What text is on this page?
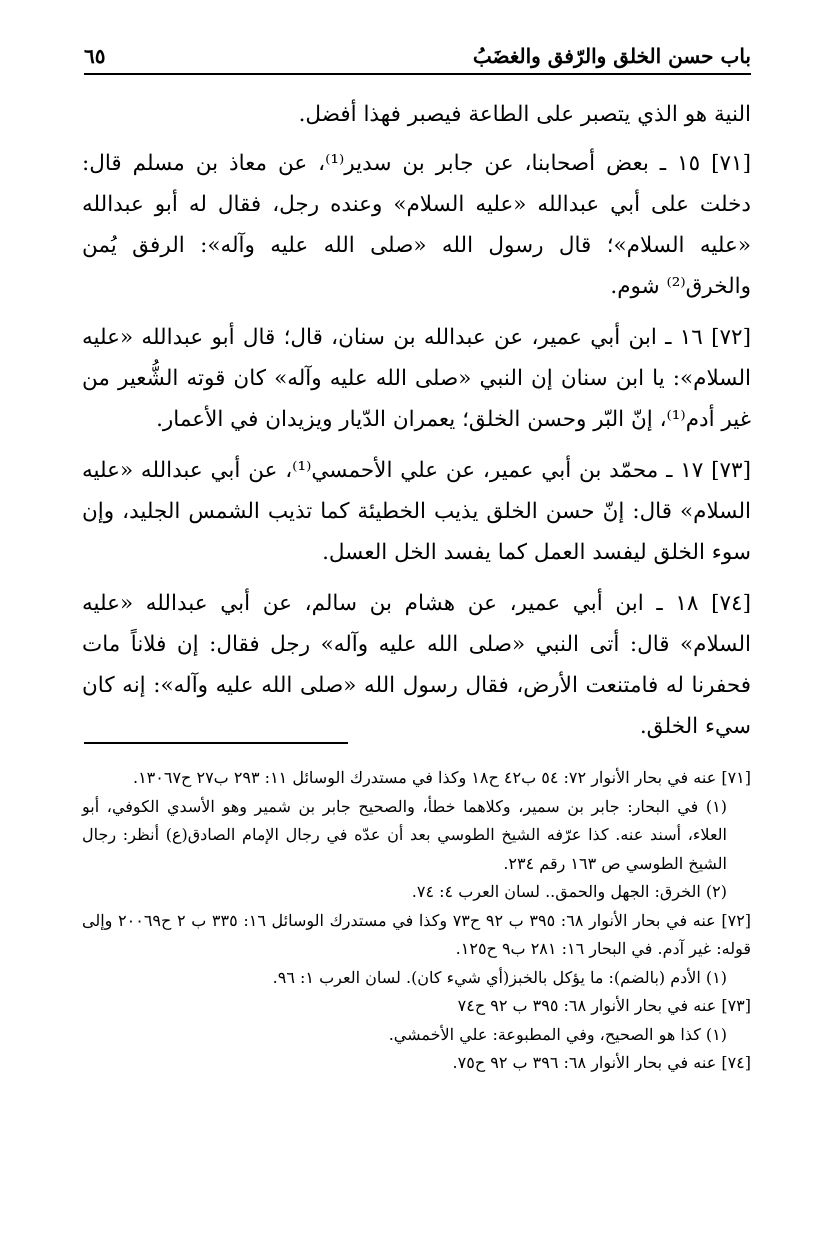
باب حسن الخلق والرّفق والغضَبُ
٦٥

النية هو الذي يتصبر على الطاعة فيصبر فهذا أفضل.

[٧١] ١٥ ـ بعض أصحابنا، عن جابر بن سدير⁽¹⁾، عن معاذ بن مسلم قال: دخلت على أبي عبدالله «عليه السلام» وعنده رجل، فقال له أبو عبدالله «عليه السلام»؛ قال رسول الله «صلى الله عليه وآله»: الرفق يُمن والخرق⁽²⁾ شوم.

[٧٢] ١٦ ـ ابن أبي عمير، عن عبدالله بن سنان، قال؛ قال أبو عبدالله «عليه السلام»: يا ابن سنان إن النبي «صلى الله عليه وآله» كان قوته الشُّعير من غير أدم⁽¹⁾، إنّ البّر وحسن الخلق؛ يعمران الدّيار ويزيدان في الأعمار.

[٧٣] ١٧ ـ محمّد بن أبي عمير، عن علي الأحمسي⁽¹⁾، عن أبي عبدالله «عليه السلام» قال: إنّ حسن الخلق يذيب الخطيئة كما تذيب الشمس الجليد، وإن سوء الخلق ليفسد العمل كما يفسد الخل العسل.

[٧٤] ١٨ ـ ابن أبي عمير، عن هشام بن سالم، عن أبي عبدالله «عليه السلام» قال: أتى النبي «صلى الله عليه وآله» رجل فقال: إن فلاناً مات فحفرنا له فامتنعت الأرض، فقال رسول الله «صلى الله عليه وآله»: إنه كان سيء الخلق.

[٧١] عنه في بحار الأنوار ٧٢: ٥٤ ب٤٢ ح١٨ وكذا في مستدرك الوسائل ١١: ٢٩٣ ب٢٧ ح١٣٠٦٧.

(١) في البحار: جابر بن سمير، وكلاهما خطأ، والصحيح جابر بن شمير وهو الأسدي الكوفي، أبو العلاء، أسند عنه. كذا عرّفه الشيخ الطوسي بعد أن عدّه في رجال الإمام الصادق(ع) أنظر: رجال الشيخ الطوسي ص ١٦٣ رقم ٢٣٤.

(٢) الخرق: الجهل والحمق.. لسان العرب ٤: ٧٤.

[٧٢] عنه في بحار الأنوار ٦٨: ٣٩٥ ب ٩٢ ح٧٣ وكذا في مستدرك الوسائل ١٦: ٣٣٥ ب ٢ ح٢٠٠٦٩ وإلى قوله: غير آدم. في البحار ١٦: ٢٨١ ب٩ ح١٢٥.

(١) الأدم (بالضم): ما يؤكل بالخبز(أي شيء كان). لسان العرب ١: ٩٦.

[٧٣] عنه في بحار الأنوار ٦٨: ٣٩٥ ب ٩٢ ح٧٤

(١) كذا هو الصحيح، وفي المطبوعة: علي الأخمشي.

[٧٤] عنه في بحار الأنوار ٦٨: ٣٩٦ ب ٩٢ ح٧٥.
